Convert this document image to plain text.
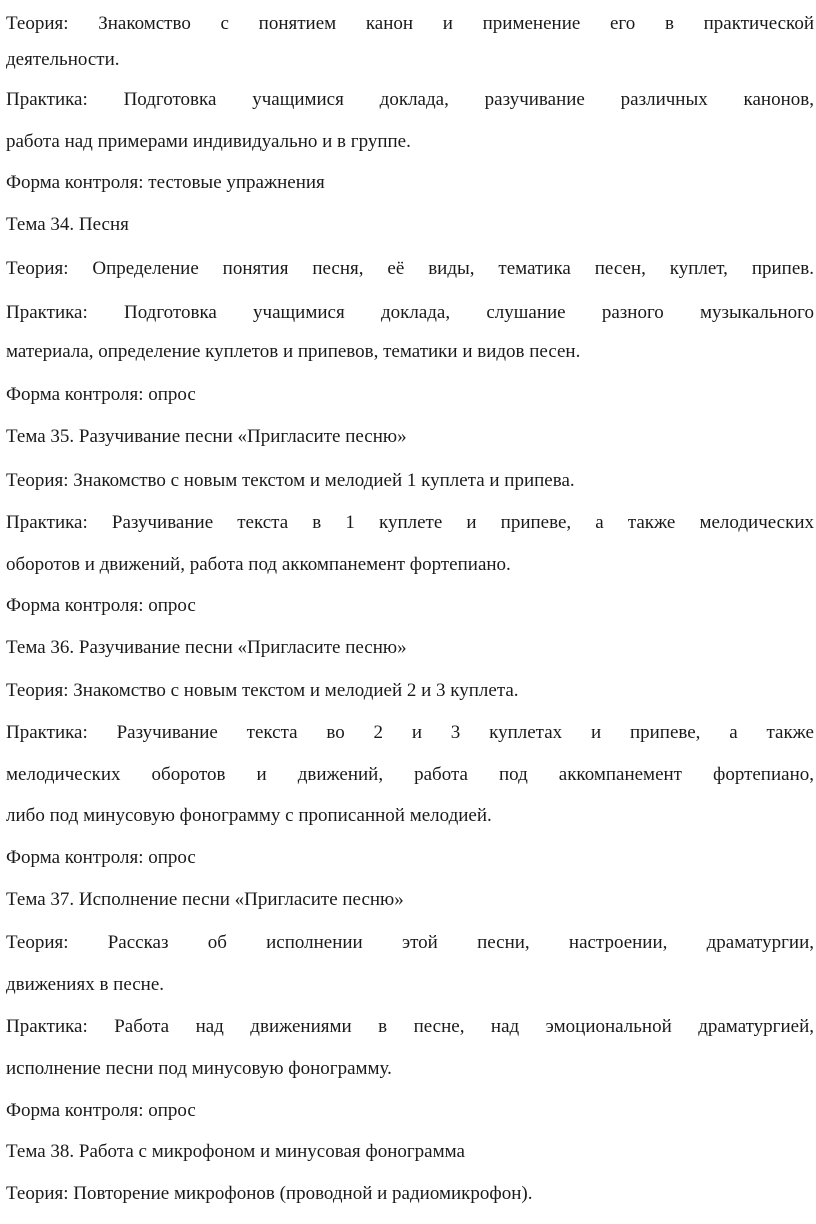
Теория: Знакомство с понятием канон и применение его в практической
деятельности.
Практика: Подготовка учащимися доклада, разучивание различных канонов,
работа над примерами индивидуально и в группе.
Форма контроля: тестовые упражнения
Тема 34. Песня
Теория: Определение понятия песня, её виды, тематика песен, куплет, припев.
Практика: Подготовка учащимися доклада, слушание разного музыкального
материала, определение куплетов и припевов, тематики и видов песен.
Форма контроля: опрос
Тема 35. Разучивание песни «Пригласите песню»
Теория: Знакомство с новым текстом и мелодией 1 куплета и припева.
Практика: Разучивание текста в 1 куплете и припеве, а также мелодических
оборотов и движений, работа под аккомпанемент фортепиано.
Форма контроля: опрос
Тема 36. Разучивание песни «Пригласите песню»
Теория: Знакомство с новым текстом и мелодией 2 и 3 куплета.
Практика: Разучивание текста во 2 и 3 куплетах и припеве, а также
мелодических оборотов и движений, работа под аккомпанемент фортепиано,
либо под минусовую фонограмму с прописанной мелодией.
Форма контроля: опрос
Тема 37. Исполнение песни «Пригласите песню»
Теория: Рассказ об исполнении этой песни, настроении, драматургии,
движениях в песне.
Практика: Работа над движениями в песне, над эмоциональной драматургией,
исполнение песни под минусовую фонограмму.
Форма контроля: опрос
Тема 38. Работа с микрофоном и минусовая фонограмма
Теория: Повторение микрофонов (проводной и радиомикрофон).
